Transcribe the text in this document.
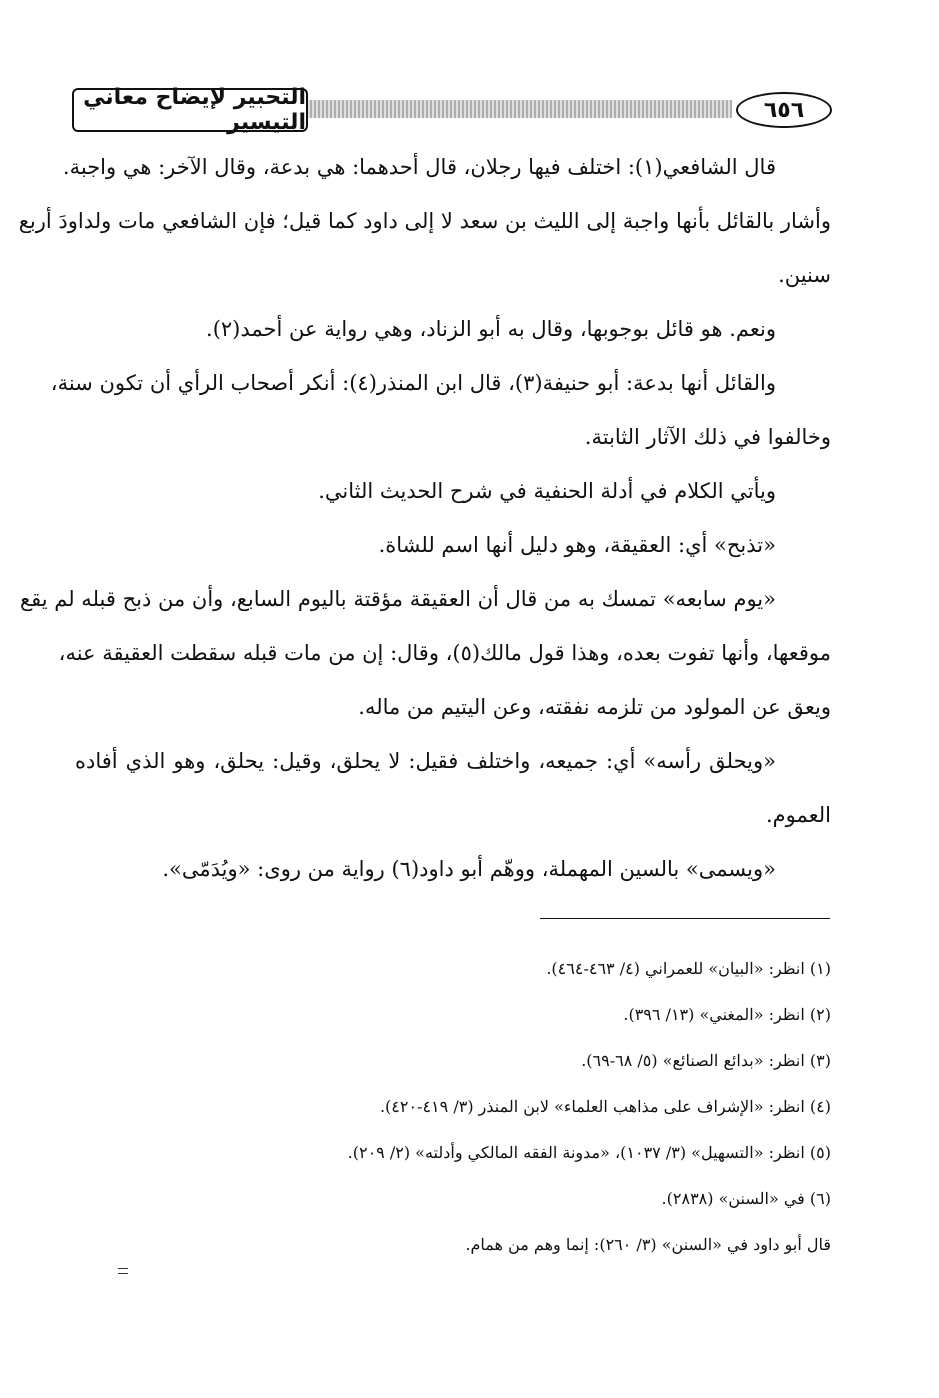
التحبير لإيضاح معاني التيسير	٦٥٦
قال الشافعي(١): اختلف فيها رجلان، قال أحدهما: هي بدعة، وقال الآخر: هي واجبة.
وأشار بالقائل بأنها واجبة إلى الليث بن سعد لا إلى داود كما قيل؛ فإن الشافعي مات ولداودَ أربع
سنين.
ونعم. هو قائل بوجوبها، وقال به أبو الزناد، وهي رواية عن أحمد(٢).
والقائل أنها بدعة: أبو حنيفة(٣)، قال ابن المنذر(٤): أنكر أصحاب الرأي أن تكون سنة،
وخالفوا في ذلك الآثار الثابتة.
ويأتي الكلام في أدلة الحنفية في شرح الحديث الثاني.
«تذبح» أي: العقيقة، وهو دليل أنها اسم للشاة.
«يوم سابعه» تمسك به من قال أن العقيقة مؤقتة باليوم السابع، وأن من ذبح قبله لم يقع
موقعها، وأنها تفوت بعده، وهذا قول مالك(٥)، وقال: إن من مات قبله سقطت العقيقة عنه،
ويعق عن المولود من تلزمه نفقته، وعن اليتيم من ماله.
«ويحلق رأسه» أي: جميعه، واختلف فقيل: لا يحلق، وقيل: يحلق، وهو الذي أفاده
العموم.
«ويسمى» بالسين المهملة، ووهّم أبو داود(٦) رواية من روى: «ويُدَمّى».
(١) انظر: «البيان» للعمراني (٤/ ٤٦٣-٤٦٤).
(٢) انظر: «المغني» (١٣/ ٣٩٦).
(٣) انظر: «بدائع الصنائع» (٥/ ٦٨-٦٩).
(٤) انظر: «الإشراف على مذاهب العلماء» لابن المنذر (٣/ ٤١٩-٤٢٠).
(٥) انظر: «التسهيل» (٣/ ١٠٣٧)، «مدونة الفقه المالكي وأدلته» (٢/ ٢٠٩).
(٦) في «السنن» (٢٨٣٨).
قال أبو داود في «السنن» (٣/ ٢٦٠): إنما وهم من همام.
